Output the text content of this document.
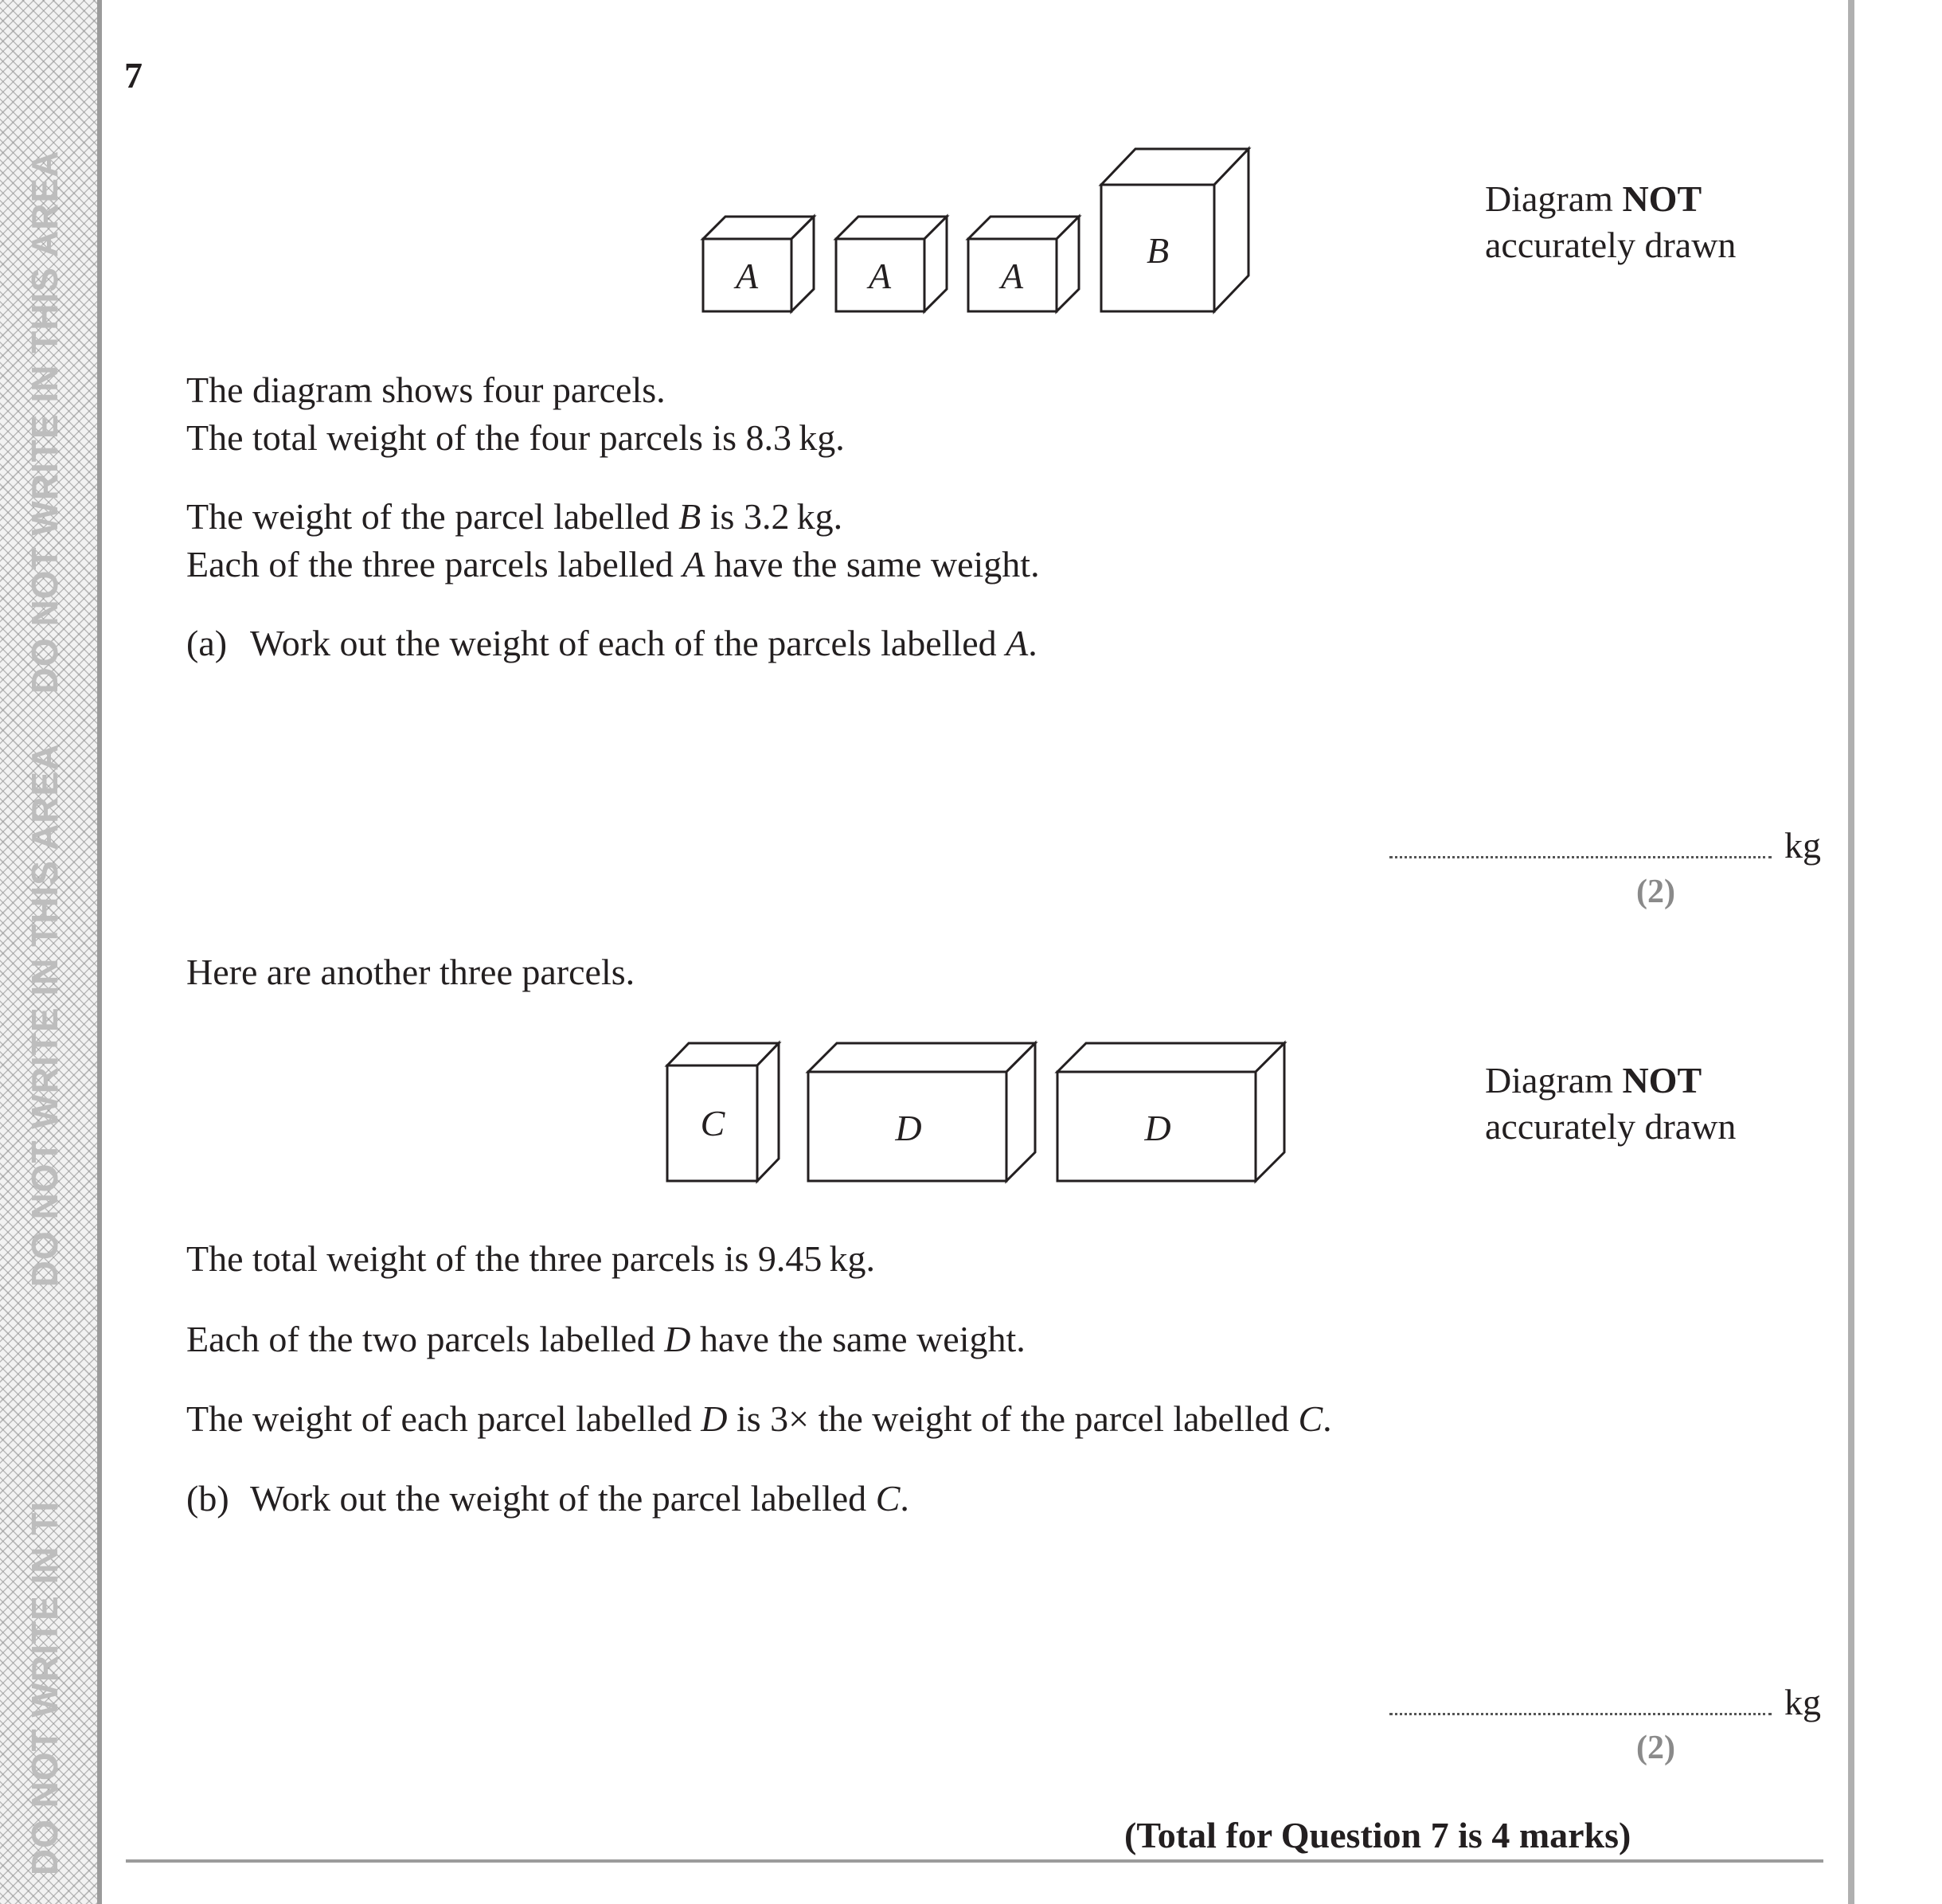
DO NOT WRITE IN THIS AREA
DO NOT WRITE IN THIS AREA
DO NOT WRITE IN TI
7
A	A	A
B
C	D	D
Diagram NOT
accurately drawn
The diagram shows four parcels.
The total weight of the four parcels is 8.3 kg.
The weight of the parcel labelled B is 3.2 kg.
Each of the three parcels labelled A have the same weight.
(a) Work out the weight of each of the parcels labelled A.
kg
(2)
Here are another three parcels.
Diagram NOT
accurately drawn
The total weight of the three parcels is 9.45 kg.
Each of the two parcels labelled D have the same weight.
The weight of each parcel labelled D is 3× the weight of the parcel labelled C.
(b) Work out the weight of the parcel labelled C.
kg
(2)
(Total for Question 7 is 4 marks)
